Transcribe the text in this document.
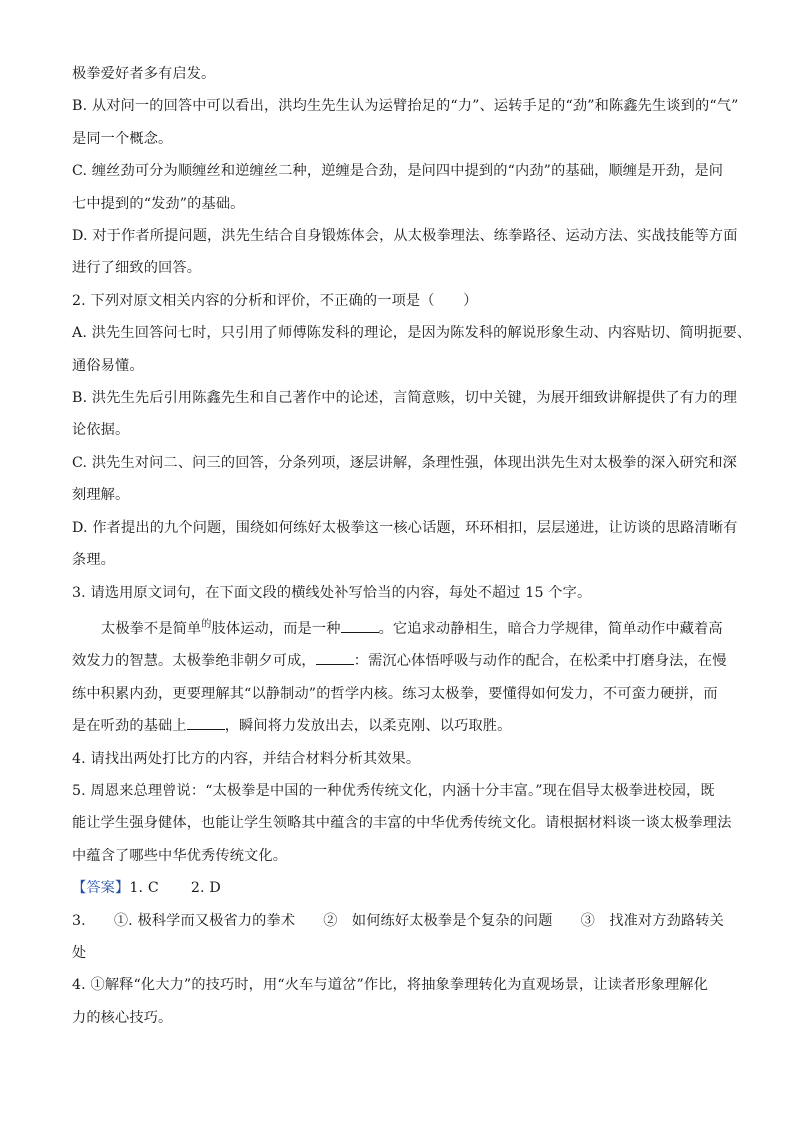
极拳爱好者多有启发。

B. 从对问一的回答中可以看出，洪均生先生认为运臂抬足的“力”、运转手足的“劲”和陈鑫先生谈到的“气”

是同一个概念。

C. 缠丝劲可分为顺缠丝和逆缠丝二种，逆缠是合劲，是问四中提到的“内劲”的基础，顺缠是开劲，是问

七中提到的“发劲”的基础。

D. 对于作者所提问题，洪先生结合自身锻炼体会，从太极拳理法、练拳路径、运动方法、实战技能等方面

进行了细致的回答。

2. 下列对原文相关内容的分析和评价，不正确的一项是（　　）

A. 洪先生回答问七时，只引用了师傅陈发科的理论，是因为陈发科的解说形象生动、内容贴切、简明扼要、

通俗易懂。

B. 洪先生先后引用陈鑫先生和自己著作中的论述，言简意赅，切中关键，为展开细致讲解提供了有力的理

论依据。

C. 洪先生对问二、问三的回答，分条列项，逐层讲解，条理性强，体现出洪先生对太极拳的深入研究和深

刻理解。

D. 作者提出的九个问题，围绕如何练好太极拳这一核心话题，环环相扣，层层递进，让访谈的思路清晰有

条理。

3. 请选用原文词句，在下面文段的横线处补写恰当的内容，每处不超过 15 个字。

太极拳不是简单$^的$肢体运动，而是一种	。它追求动静相生，暗合力学规律，简单动作中藏着高

效发力的智慧。太极拳绝非朝夕可成，	：需沉心体悟呼吸与动作的配合，在松柔中打磨身法，在慢

练中积累内劲，更要理解其“以静制动”的哲学内核。练习太极拳，要懂得如何发力，不可蛮力硬拼，而

是在听劲的基础上	，瞬间将力发放出去，以柔克刚、以巧取胜。

4. 请找出两处打比方的内容，并结合材料分析其效果。

5. 周恩来总理曾说：“太极拳是中国的一种优秀传统文化，内涵十分丰富。”现在倡导太极拳进校园，既

能让学生强身健体，也能让学生领略其中蕴含的丰富的中华优秀传统文化。请根据材料谈一谈太极拳理法

中蕴含了哪些中华优秀传统文化。

【答案】1. C 2. D

3. ①. 极科学而又极省力的拳术 ②　如何练好太极拳是个复杂的问题 ③　找准对方劲路转关

处

4. ①解释“化大力”的技巧时，用“火车与道岔”作比，将抽象拳理转化为直观场景，让读者形象理解化

力的核心技巧。
